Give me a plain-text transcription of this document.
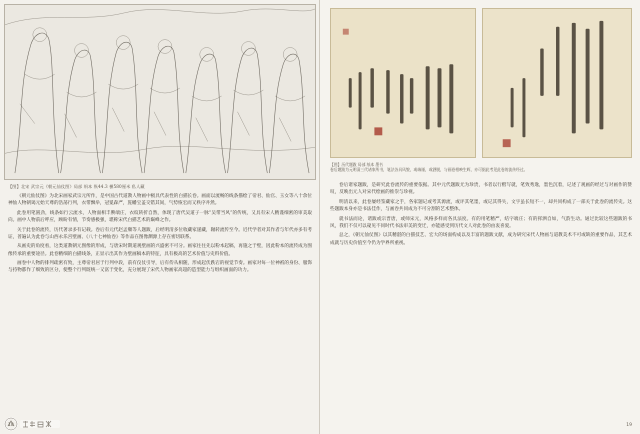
【图】北宋 武宗元《朝元仙仗图》局部 绢本 纵44.3 横580厘米 私人藏

《朝元仙仗图》为北宋画家武宗元所作，是中国古代道教人物画中极具代表性的白描长卷。画面以流畅的线条描绘了帝君、仙官、玉女等八十余位神仙人物朝谒元始天尊的浩荡行列，衣带飘举，冠冕森严，旌幡宝盖交错其间，气势恢宏而又秩序井然。

此卷用笔圆劲，线条如行云流水，人物面相丰腴端庄，衣纹转折自然，体现了唐代吴道子一脉“吴带当风”的传统，又具有宋人精谨细密的审美取向。画中人物前后呼应，顾盼有情，节奏感极强，堪称宋代白描艺术的巅峰之作。

关于此卷的流传，历代著录多有记载。卷后有元代赵孟頫等人题跋，后经明清多位收藏家递藏，辗转流传至今。近代学者对其作者与年代亦多有考证，普遍认为此卷与山西永乐宫壁画、《八十七神仙卷》等作品在图像渊源上存在密切联系。

从画史的角度看，这类道教朝元图像的形成，与唐宋时期道观壁画的兴盛密不可分。画家往往先以粉本起稿，再施之于壁，因此粉本的流传成为图像传承的重要途径。此卷精细的白描线条，正显示出其作为壁画稿本的特征，具有极高的艺术价值与史料价值。

画卷中人物的排列疏密有致，主尊帝君居于行列中段，前有仪仗引导，后有侍从相随，形成起伏跌宕的视觉节奏。画家对每一位神祇的身份、服饰与持物都作了细致的区分，使整个行列既统一又富于变化，充分展现了宋代人物画家高超的造型能力与组织画面的功力。

18
【图】历代题跋 局部 纸本 墨书
卷后题跋为元明清三代诸家所书，笔法各具风貌，或端谨，或洒脱，与画卷相映生辉，亦可据此考见此卷的流传经过。

卷后诸家题跋，是研究此卷流传的重要依据。其中元代题跋尤为珍贵，书者以行楷写就，笔致秀逸，墨色沉着，记述了观画的经过与对画作的赞叹，反映出元人对宋代绘画的推崇与珍视。

明清以来，此卷屡经鉴藏家之手，各家题记或考其源流，或评其笔墨，或记其得失，文字虽长短不一，却共同构成了一部关于此卷的流传史。这些题跋本身亦是书法佳作，与画卷共同成为不可分割的艺术整体。

就书法而论，诸跋或宗晋唐，或师宋元，风格多样而各具法度。有的用笔精严，结字端庄；有的挥洒自如，气韵生动。通过比较这些题跋的书风，我们不仅可以窥见不同时代书法审美的变迁，亦能感受到历代文人对此卷的由衷喜爱。

总之，《朝元仙仗图》以其精湛的白描技艺、宏大的场面构成以及丰富的题跋文献，成为研究宋代人物画与道教美术不可或缺的重要作品，其艺术成就与历史价值至今仍为学界所重视。

19
